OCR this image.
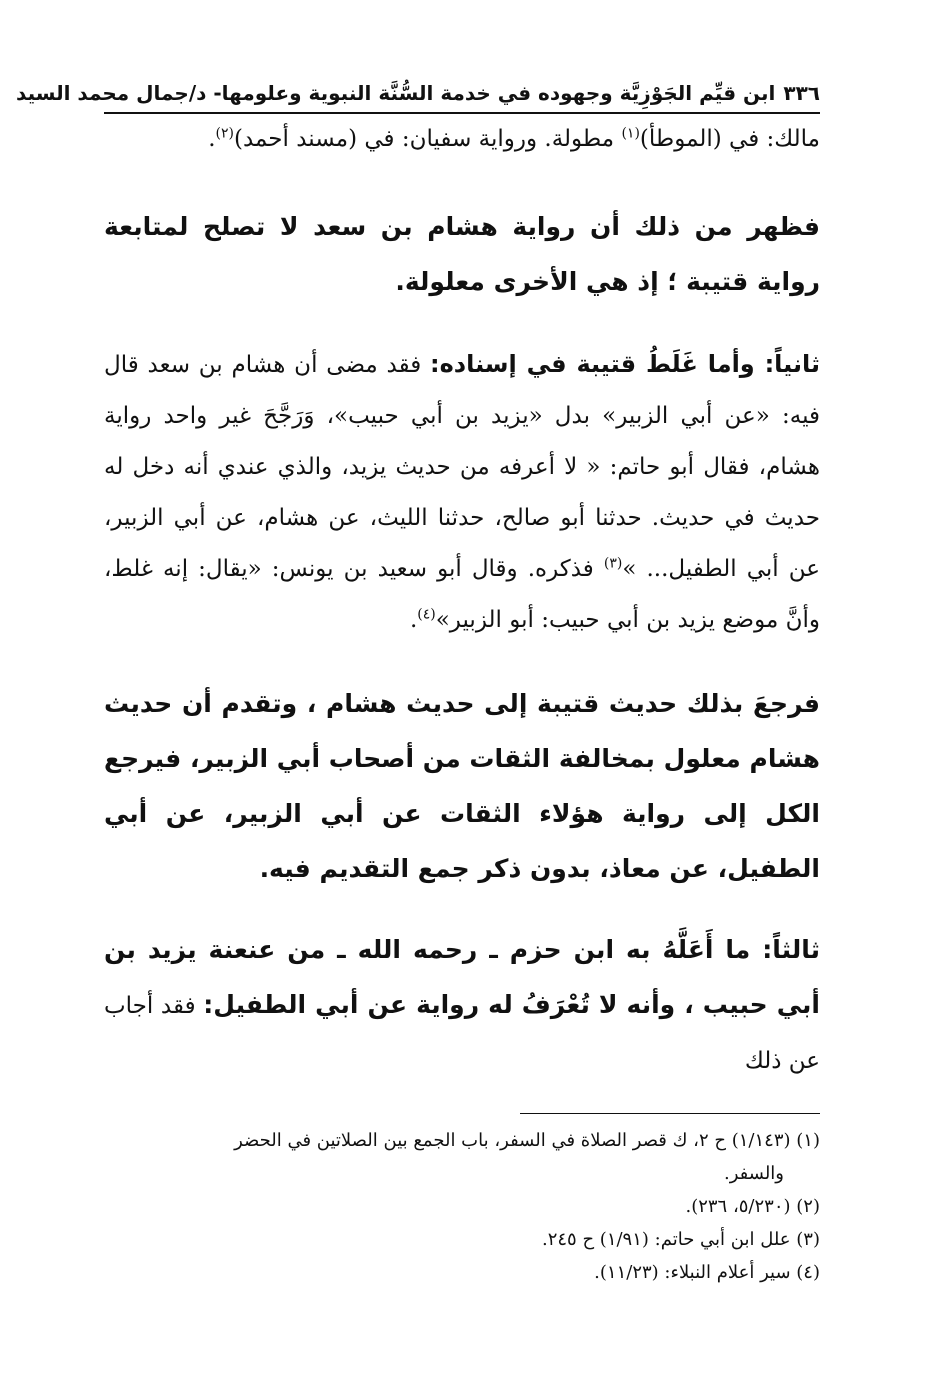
٣٣٦
ابن قيِّم الجَوْزِيَّة وجهوده في خدمة السُّنَّة النبوية وعلومها- د/جمال محمد السيد

مالك: في (الموطأ)$^{(١)}$ مطولة. ورواية سفيان: في (مسند أحمد)$^{(٢)}$.

فظهر من ذلك أن رواية هشام بن سعد لا تصلح لمتابعة رواية قتيبة ؛ إذ هي الأخرى معلولة.

ثانياً: وأما غَلَطُ قتيبة في إسناده: فقد مضى أن هشام بن سعد قال فيه: «عن أبي الزبير» بدل «يزيد بن أبي حبيب»، وَرَجَّحَ غير واحد رواية هشام، فقال أبو حاتم: « لا أعرفه من حديث يزيد، والذي عندي أنه دخل له حديث في حديث. حدثنا أبو صالح، حدثنا الليث، عن هشام، عن أبي الزبير، عن أبي الطفيل... »$^{(٣)}$ فذكره. وقال أبو سعيد بن يونس: «يقال: إنه غلط، وأنَّ موضع يزيد بن أبي حبيب: أبو الزبير»$^{(٤)}$.

فرجعَ بذلك حديث قتيبة إلى حديث هشام ، وتقدم أن حديث هشام معلول بمخالفة الثقات من أصحاب أبي الزبير، فيرجع الكل إلى رواية هؤلاء الثقات عن أبي الزبير، عن أبي الطفيل، عن معاذ، بدون ذكر جمع التقديم فيه.

ثالثاً: ما أَعَلَّهُ به ابن حزم ـ رحمه الله ـ من عنعنة يزيد بن أبي حبيب ، وأنه لا تُعْرَفُ له رواية عن أبي الطفيل: فقد أجاب عن ذلك

(١) (١/١٤٣) ح ٢، ك قصر الصلاة في السفر، باب الجمع بين الصلاتين في الحضر

والسفر.

(٢) (٥/٢٣٠، ٢٣٦).

(٣) علل ابن أبي حاتم: (١/٩١) ح ٢٤٥.

(٤) سير أعلام النبلاء: (١١/٢٣).
